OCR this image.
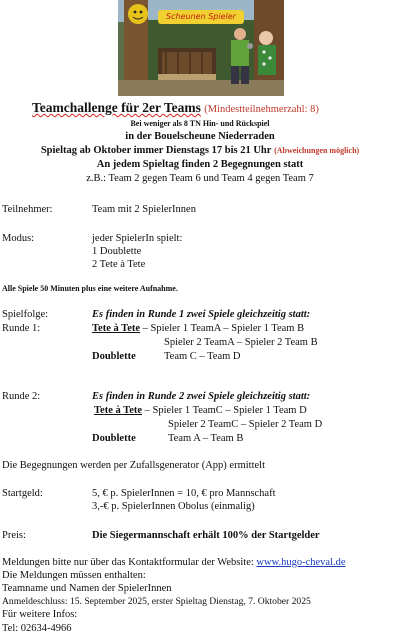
Scheunen Spieler
Teamchallenge für 2er Teams (Mindestteilnehmerzahl: 8)
Bei weniger als 8 TN Hin- und Rückspiel
in der Bouelscheune Niederraden
Spieltag ab Oktober immer Dienstags 17 bis 21 Uhr (Abweichungen möglich)
An jedem Spieltag finden 2 Begegnungen statt
z.B.: Team 2 gegen Team 6 und Team 4 gegen Team 7
Teilnehmer:	Team mit 2 SpielerInnen
Modus:	jeder SpielerIn spielt:
1 Doublette
2 Tete à Tete
Alle Spiele 50 Minuten plus eine weitere Aufnahme.
Spielfolge:	Es finden in Runde 1 zwei Spiele gleichzeitig statt:
Runde 1:	Tete à Tete – Spieler 1 TeamA – Spieler 1 Team B
Spieler 2 TeamA – Spieler 2 Team B
Doublette	Team C – Team D
Runde 2:	Es finden in Runde 2 zwei Spiele gleichzeitig statt:
Tete à Tete – Spieler 1 TeamC – Spieler 1 Team D
Spieler 2 TeamC – Spieler 2 Team D
Doublette	Team A – Team B
Die Begegnungen werden per Zufallsgenerator (App) ermittelt
Startgeld:	5, € p. SpielerInnen = 10, € pro Mannschaft
3,-€ p. SpielerInnen Obolus (einmalig)
Preis:	Die Siegermannschaft erhält 100% der Startgelder
Meldungen bitte nur über das Kontaktformular der Website: www.hugo-cheval.de
Die Meldungen müssen enthalten:
Teamname und Namen der SpielerInnen
Anmeldeschluss: 15. September 2025, erster Spieltag Dienstag, 7. Oktober 2025
Für weitere Infos:
Tel: 02634-4966
